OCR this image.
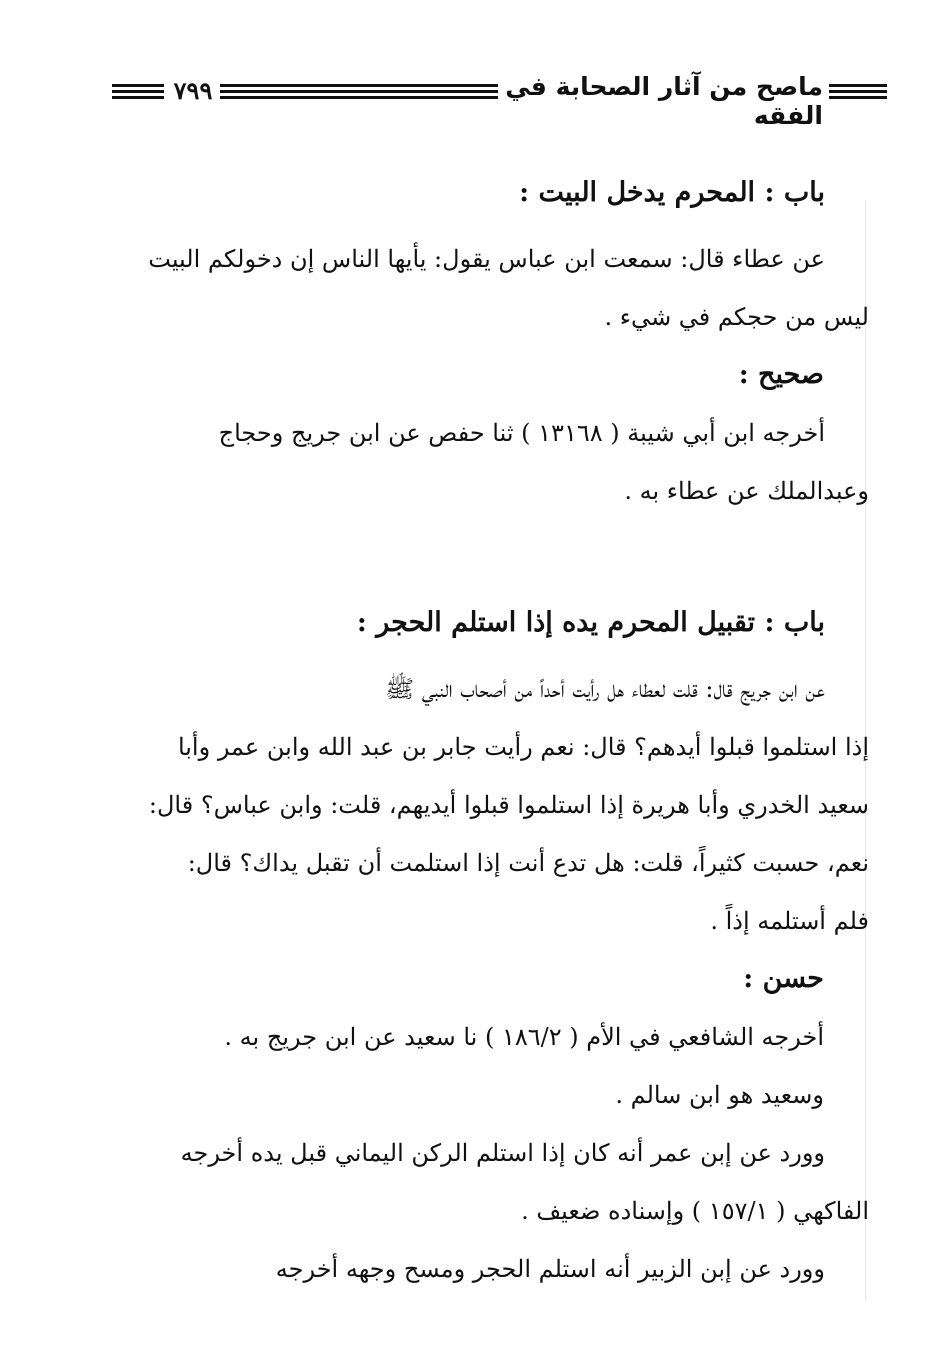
٧٩٩	ماصح من آثار الصحابة في الفقه
باب : المحرم يدخل البيت :
عن عطاء قال: سمعت ابن عباس يقول: يأيها الناس إن دخولكم البيت
ليس من حجكم في شيء .
صحيح :
أخرجه ابن أبي شيبة ( ١٣١٦٨ ) ثنا حفص عن ابن جريج وحجاج
وعبدالملك عن عطاء به .
باب : تقبيل المحرم يده إذا استلم الحجر :
عن ابن جريج قال: قلت لعطاء هل رأيت أحداً من أصحاب النبي ﷺ
إذا استلموا قبلوا أيدهم؟ قال: نعم رأيت جابر بن عبد الله وابن عمر وأبا
سعيد الخدري وأبا هريرة إذا استلموا قبلوا أيديهم، قلت: وابن عباس؟ قال:
نعم، حسبت كثيراً، قلت: هل تدع أنت إذا استلمت أن تقبل يداك؟ قال:
فلم أستلمه إذاً .
حسن :
أخرجه الشافعي في الأم ( ١٨٦/٢ ) نا سعيد عن ابن جريج به .
وسعيد هو ابن سالم .
وورد عن إبن عمر أنه كان إذا استلم الركن اليماني قبل يده أخرجه
الفاكهي ( ١٥٧/١ ) وإسناده ضعيف .
وورد عن إبن الزبير أنه استلم الحجر ومسح وجهه أخرجه
